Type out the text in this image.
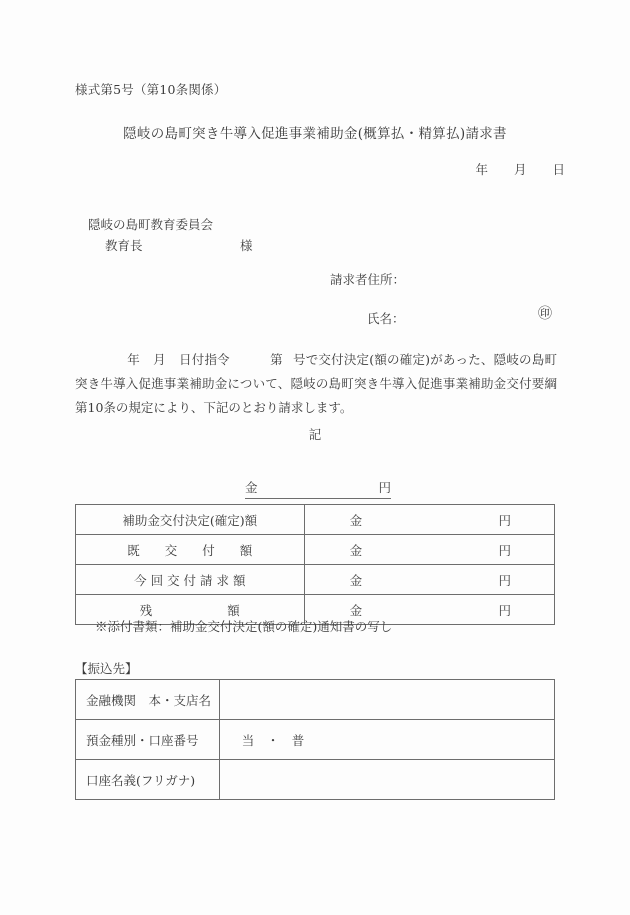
様式第5号（第10条関係）
隠岐の島町突き牛導入促進事業補助金(概算払・精算払)請求書
年 月 日
隠岐の島町教育委員会
教育長	様
請求者住所：
氏名：	㊞
年 月 日付指令	第 号で交付決定(額の確定)があった、隠岐の島町突き牛導入促進事業補助金について、隠岐の島町突き牛導入促進事業補助金交付要綱第10条の規定により、下記のとおり請求します。
記
金	円
補助金交付決定(確定)額	金 円

既　　交　　付　　額	金 円

今 回 交 付 請 求 額	金 円

残　　　　　　額	金 円
※添付書類：補助金交付決定(額の確定)通知書の写し
【振込先】
金融機関　本・支店名	
預金種別・口座番号	当　・　普
口座名義(フリガナ)	
